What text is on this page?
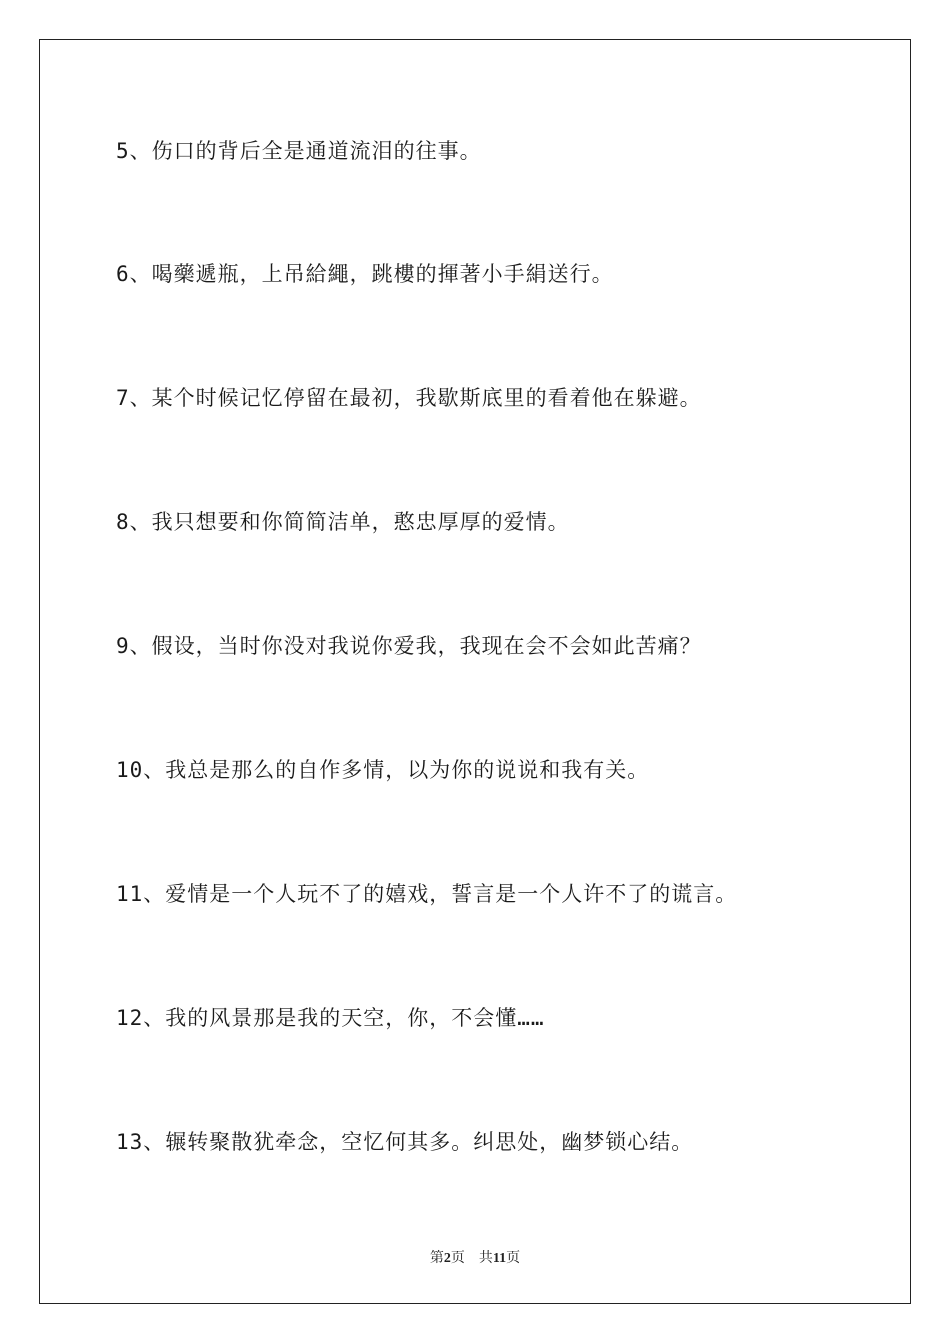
5、伤口的背后全是通道流泪的往事。
6、喝藥遞瓶，上吊給繩，跳樓的揮著小手絹送行。
7、某个时候记忆停留在最初，我歇斯底里的看着他在躲避。
8、我只想要和你简简洁单，憨忠厚厚的爱情。
9、假设，当时你没对我说你爱我，我现在会不会如此苦痛？
10、我总是那么的自作多情，以为你的说说和我有关。
11、爱情是一个人玩不了的嬉戏，誓言是一个人许不了的谎言。
12、我的风景那是我的天空，你，不会懂……
13、辗转聚散犹牵念，空忆何其多。纠思处，幽梦锁心结。
第2页 共11页
